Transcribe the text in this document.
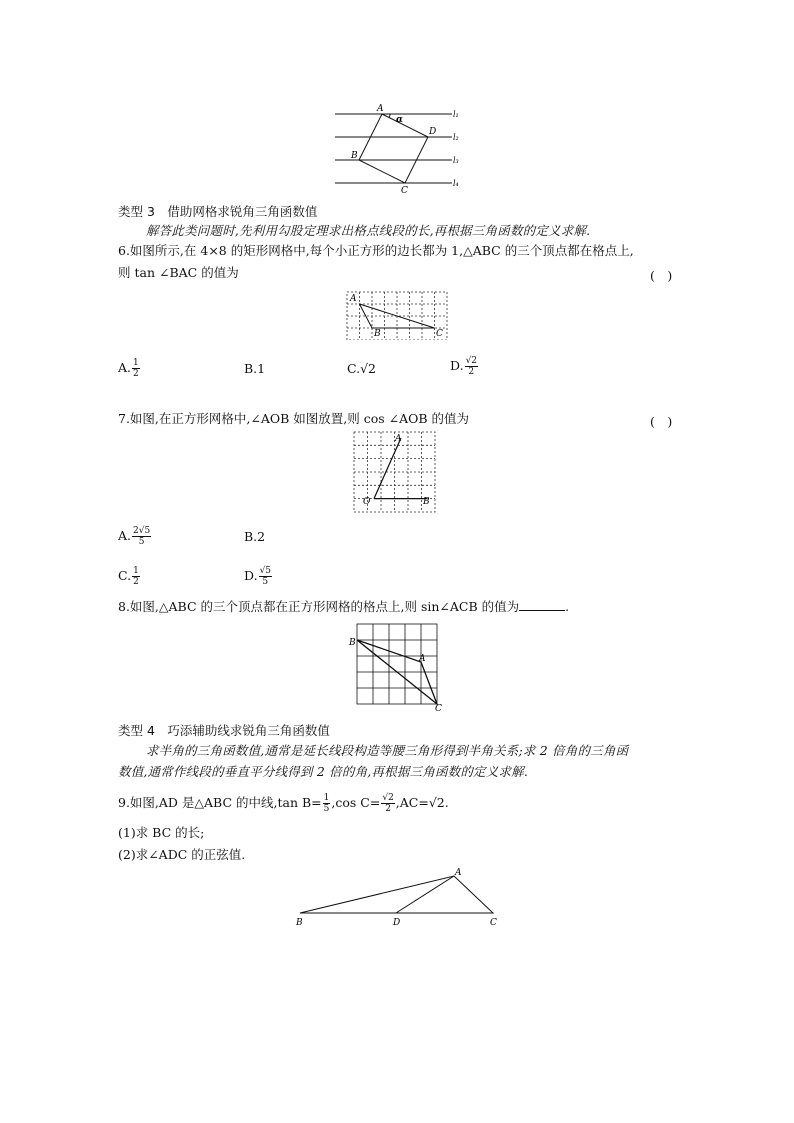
A
α
D
B
C
l₁
l₂
l₃
l₄
类型 3　借助网格求锐角三角函数值
解答此类问题时,先利用勾股定理求出格点线段的长,再根据三角函数的定义求解.
6.如图所示,在 4×8 的矩形网格中,每个小正方形的边长都为 1,△ABC 的三个顶点都在格点上,
则 tan ∠BAC 的值为	(　)
A
B	C
A. $\frac{1}{2}$	B.1	C.√2	D. $\frac{√2}{2}$
7.如图,在正方形网格中,∠AOB 如图放置,则 cos ∠AOB 的值为	(　)
A
O	B
A. $\frac{2√5}{5}$	B.2
C. $\frac{1}{2}$	D. $\frac{√5}{5}$
8.如图,△ABC 的三个顶点都在正方形网格的格点上,则 sin∠ACB 的值为	.
B
A
C
类型 4　巧添辅助线求锐角三角函数值
求半角的三角函数值,通常是延长线段构造等腰三角形得到半角关系;求 2 倍角的三角函
数值,通常作线段的垂直平分线得到 2 倍的角,再根据三角函数的定义求解.
9.如图,AD 是△ABC 的中线,tan $B= \frac{1}{5} ,\cos$ $C= \frac{√2}{2} ,AC=√2$.
(1)求 BC 的长;
(2)求∠ADC 的正弦值.
A
B	D	C
